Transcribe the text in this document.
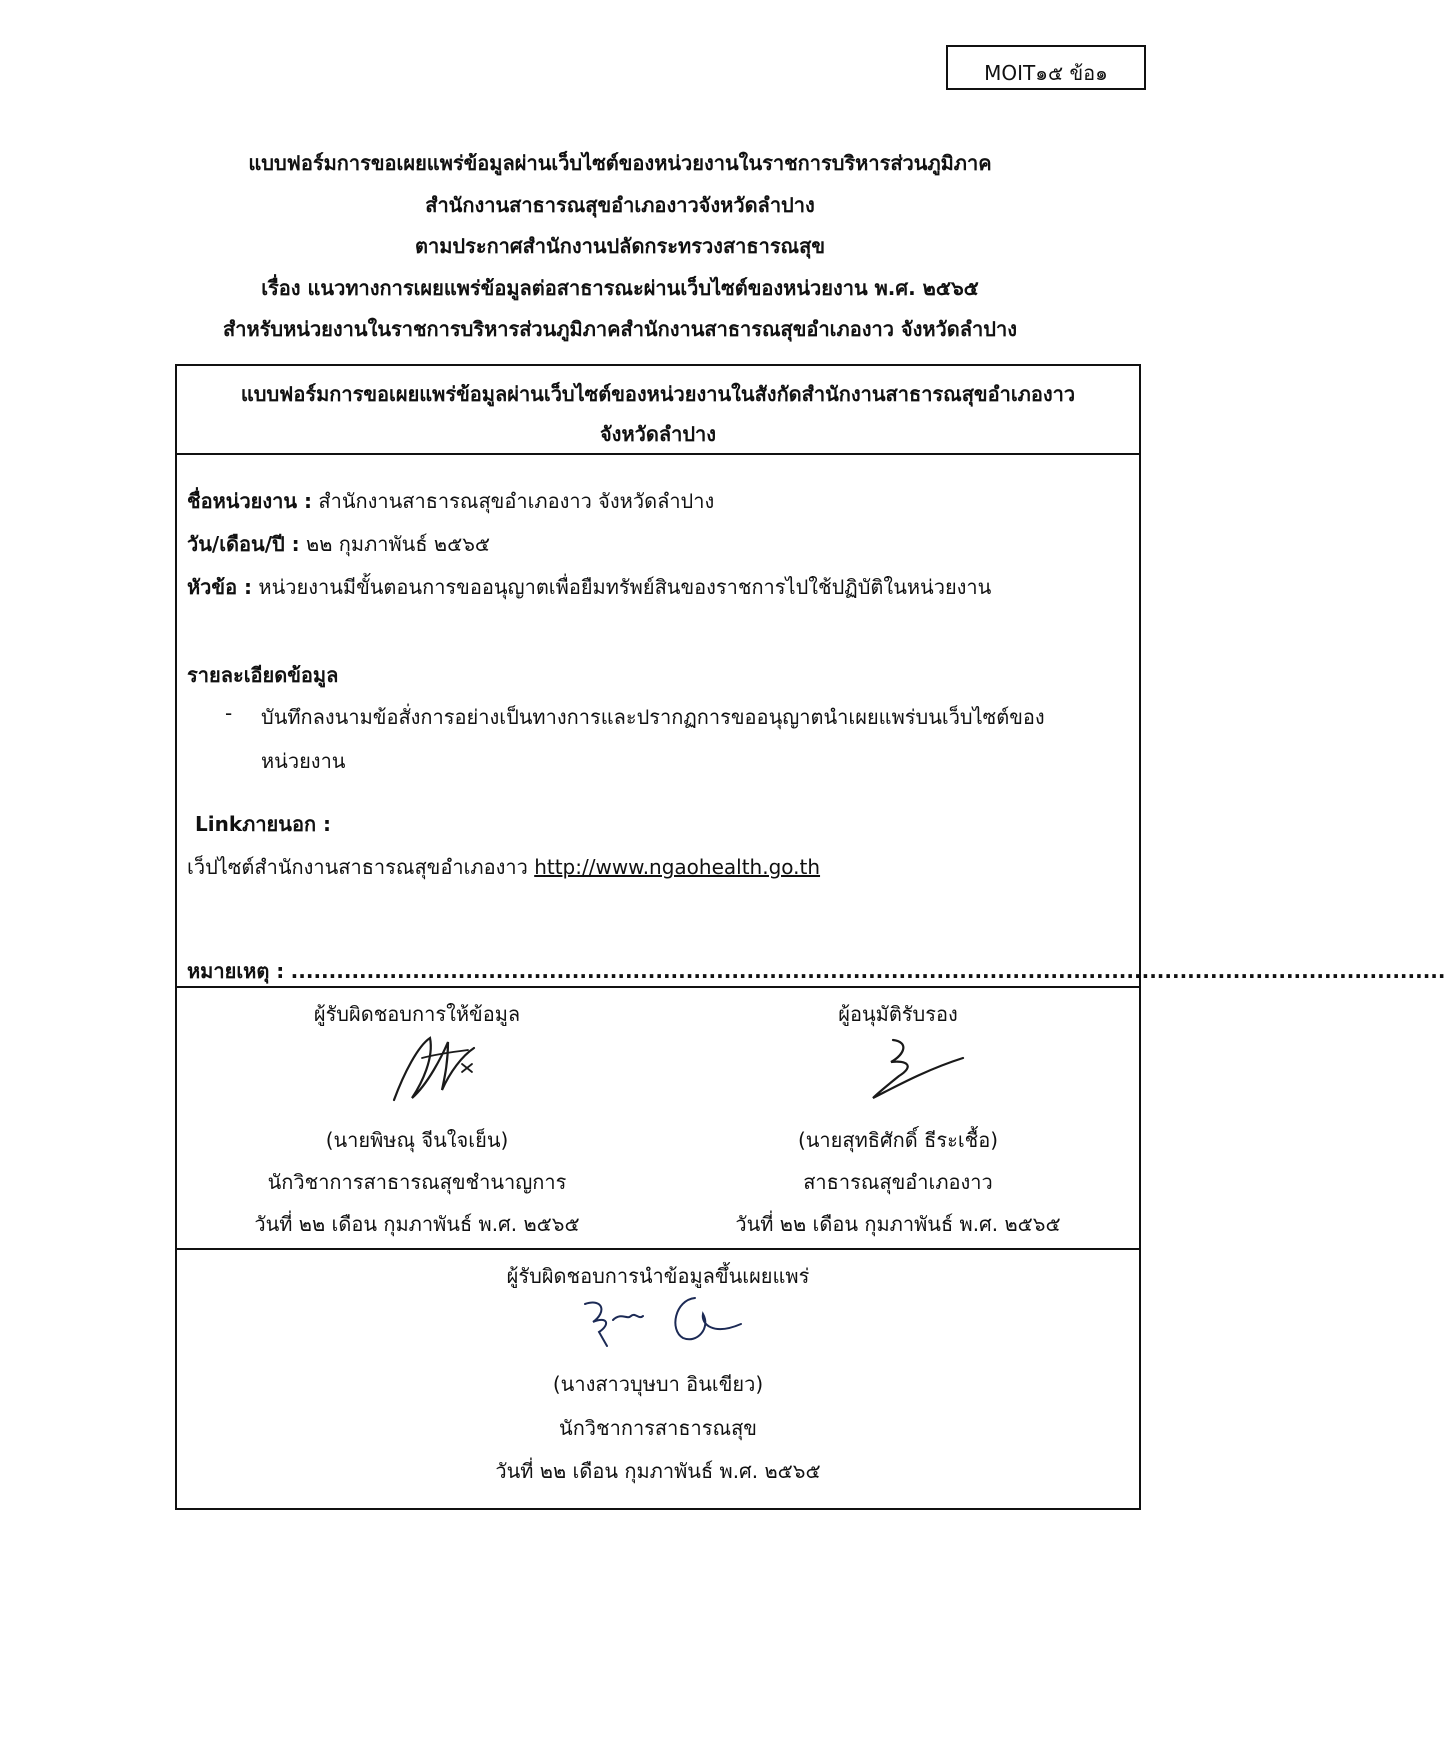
MOIT๑๕ ข้อ๑
แบบฟอร์มการขอเผยแพร่ข้อมูลผ่านเว็บไซต์ของหน่วยงานในราชการบริหารส่วนภูมิภาค
สำนักงานสาธารณสุขอำเภองาวจังหวัดลำปาง
ตามประกาศสำนักงานปลัดกระทรวงสาธารณสุข
เรื่อง แนวทางการเผยแพร่ข้อมูลต่อสาธารณะผ่านเว็บไซต์ของหน่วยงาน พ.ศ. ๒๕๖๕
สำหรับหน่วยงานในราชการบริหารส่วนภูมิภาคสำนักงานสาธารณสุขอำเภองาว จังหวัดลำปาง
แบบฟอร์มการขอเผยแพร่ข้อมูลผ่านเว็บไซต์ของหน่วยงานในสังกัดสำนักงานสาธารณสุขอำเภองาว
จังหวัดลำปาง
ชื่อหน่วยงาน : สำนักงานสาธารณสุขอำเภองาว จังหวัดลำปาง
วัน/เดือน/ปี : ๒๒ กุมภาพันธ์ ๒๕๖๕
หัวข้อ : หน่วยงานมีขั้นตอนการขออนุญาตเพื่อยืมทรัพย์สินของราชการไปใช้ปฏิบัติในหน่วยงาน
รายละเอียดข้อมูล
- บันทึกลงนามข้อสั่งการอย่างเป็นทางการและปรากฏการขออนุญาตนำเผยแพร่บนเว็บไซต์ของ
หน่วยงาน
Linkภายนอก :
เว็ปไซต์สำนักงานสาธารณสุขอำเภองาว http://www.ngaohealth.go.th
หมายเหตุ : ........................................................................................................................................................
ผู้รับผิดชอบการให้ข้อมูล
(นายพิษณุ จีนใจเย็น)
นักวิชาการสาธารณสุขชำนาญการ
วันที่ ๒๒ เดือน กุมภาพันธ์ พ.ศ. ๒๕๖๕
ผู้อนุมัติรับรอง
(นายสุทธิศักดิ์ ธีระเชื้อ)
สาธารณสุขอำเภองาว
วันที่ ๒๒ เดือน กุมภาพันธ์ พ.ศ. ๒๕๖๕
ผู้รับผิดชอบการนำข้อมูลขึ้นเผยแพร่
(นางสาวบุษบา อินเขียว)
นักวิชาการสาธารณสุข
วันที่ ๒๒ เดือน กุมภาพันธ์ พ.ศ. ๒๕๖๕
